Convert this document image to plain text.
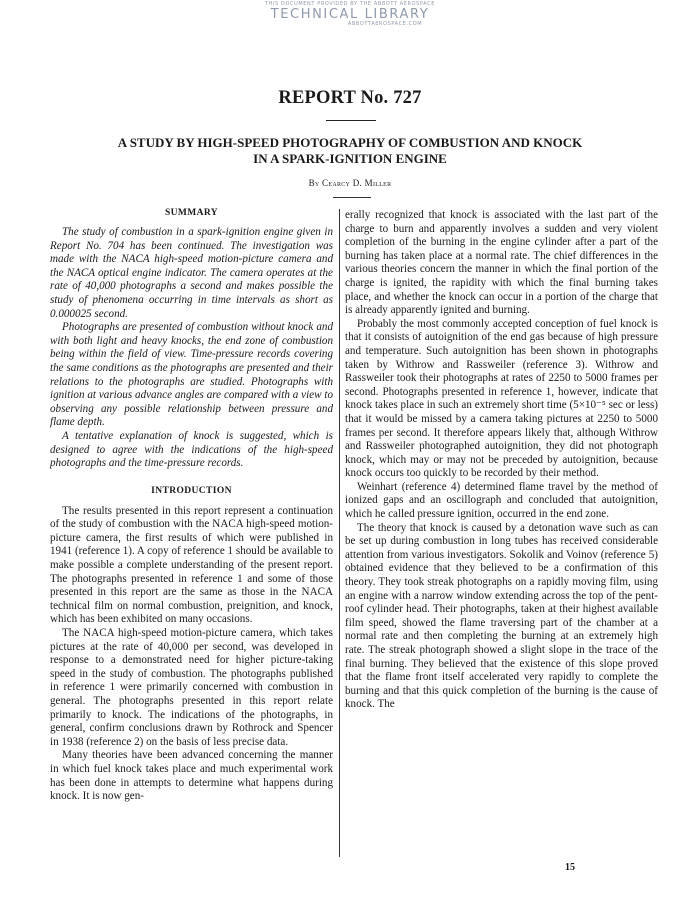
THIS DOCUMENT PROVIDED BY THE ABBOTT AEROSPACE
TECHNICAL LIBRARY
ABBOTTAEROSPACE.COM
REPORT No. 727
A STUDY BY HIGH-SPEED PHOTOGRAPHY OF COMBUSTION AND KNOCK
IN A SPARK-IGNITION ENGINE
By Cearcy D. Miller
SUMMARY

The study of combustion in a spark-ignition engine given in Report No. 704 has been continued. The investigation was made with the NACA high-speed motion-picture camera and the NACA optical engine indicator. The camera operates at the rate of 40,000 photographs a second and makes possible the study of phenomena occurring in time intervals as short as 0.000025 second.

Photographs are presented of combustion without knock and with both light and heavy knocks, the end zone of combustion being within the field of view. Time-pressure records covering the same conditions as the photographs are presented and their relations to the photographs are studied. Photographs with ignition at various advance angles are compared with a view to observing any possible relationship between pressure and flame depth.

A tentative explanation of knock is suggested, which is designed to agree with the indications of the high-speed photographs and the time-pressure records.

INTRODUCTION

The results presented in this report represent a continuation of the study of combustion with the NACA high-speed motion-picture camera, the first results of which were published in 1941 (reference 1). A copy of reference 1 should be available to make possible a complete understanding of the present report. The photographs presented in reference 1 and some of those presented in this report are the same as those in the NACA technical film on normal combustion, preignition, and knock, which has been exhibited on many occasions.

The NACA high-speed motion-picture camera, which takes pictures at the rate of 40,000 per second, was developed in response to a demonstrated need for higher picture-taking speed in the study of combustion. The photographs published in reference 1 were primarily concerned with combustion in general. The photographs presented in this report relate primarily to knock. The indications of the photographs, in general, confirm conclusions drawn by Rothrock and Spencer in 1938 (reference 2) on the basis of less precise data.

Many theories have been advanced concerning the manner in which fuel knock takes place and much experimental work has been done in attempts to determine what happens during knock. It is now gen-

erally recognized that knock is associated with the last part of the charge to burn and apparently involves a sudden and very violent completion of the burning in the engine cylinder after a part of the burning has taken place at a normal rate. The chief differences in the various theories concern the manner in which the final portion of the charge is ignited, the rapidity with which the final burning takes place, and whether the knock can occur in a portion of the charge that is already apparently ignited and burning.

Probably the most commonly accepted conception of fuel knock is that it consists of autoignition of the end gas because of high pressure and temperature. Such autoignition has been shown in photographs taken by Withrow and Rassweiler (reference 3). Withrow and Rassweiler took their photographs at rates of 2250 to 5000 frames per second. Photographs presented in reference 1, however, indicate that knock takes place in such an extremely short time (5×10⁻⁵ sec or less) that it would be missed by a camera taking pictures at 2250 to 5000 frames per second. It therefore appears likely that, although Withrow and Rassweiler photographed autoignition, they did not photograph knock, which may or may not be preceded by autoignition, because knock occurs too quickly to be recorded by their method.

Weinhart (reference 4) determined flame travel by the method of ionized gaps and an oscillograph and concluded that autoignition, which he called pressure ignition, occurred in the end zone.

The theory that knock is caused by a detonation wave such as can be set up during combustion in long tubes has received considerable attention from various investigators. Sokolik and Voinov (reference 5) obtained evidence that they believed to be a confirmation of this theory. They took streak photographs on a rapidly moving film, using an engine with a narrow window extending across the top of the pent-roof cylinder head. Their photographs, taken at their highest available film speed, showed the flame traversing part of the chamber at a normal rate and then completing the burning at an extremely high rate. The streak photograph showed a slight slope in the trace of the final burning. They believed that the existence of this slope proved that the flame front itself accelerated very rapidly to complete the burning and that this quick completion of the burning is the cause of knock. The

15
